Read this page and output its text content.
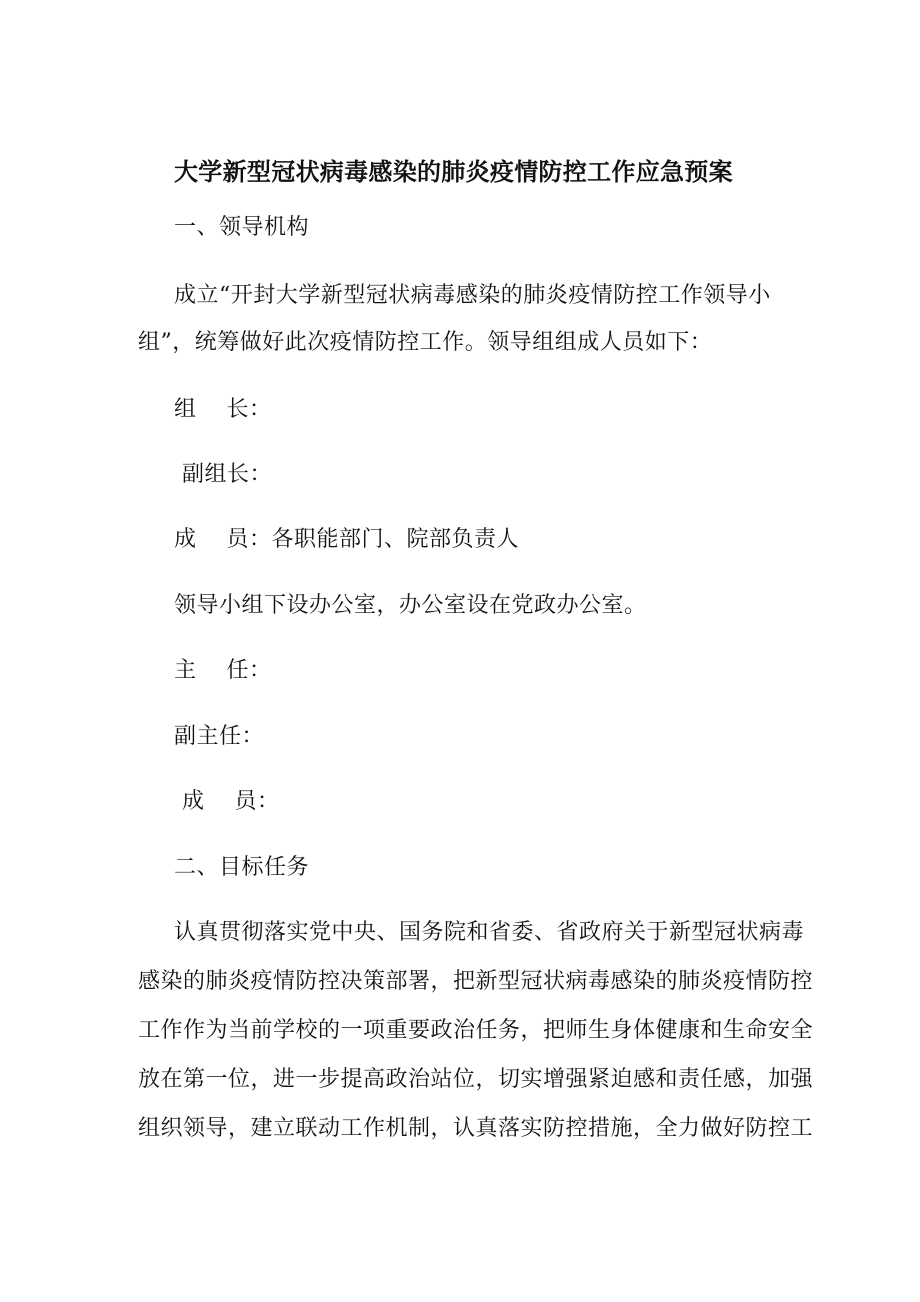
大学新型冠状病毒感染的肺炎疫情防控工作应急预案
一、领导机构
成立“开封大学新型冠状病毒感染的肺炎疫情防控工作领导小
组”，统筹做好此次疫情防控工作。领导组组成人员如下：
组    长：
副组长：
成    员：各职能部门、院部负责人
领导小组下设办公室，办公室设在党政办公室。
主    任：
副主任：
成    员：
二、目标任务
认真贯彻落实党中央、国务院和省委、省政府关于新型冠状病毒
感染的肺炎疫情防控决策部署，把新型冠状病毒感染的肺炎疫情防控
工作作为当前学校的一项重要政治任务，把师生身体健康和生命安全
放在第一位，进一步提高政治站位，切实增强紧迫感和责任感，加强
组织领导，建立联动工作机制，认真落实防控措施，全力做好防控工
